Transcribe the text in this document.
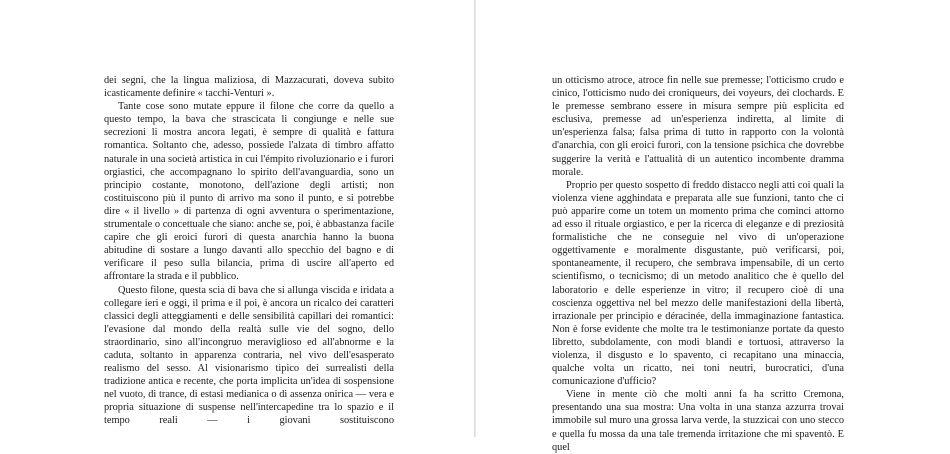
dei segni, che la lingua maliziosa, di Mazzacurati, doveva subito icasticamente definire « tacchi-Venturi ».

Tante cose sono mutate eppure il filone che corre da quello a questo tempo, la bava che strascicata li congiunge e nelle sue secrezioni li mostra ancora legati, è sempre di qualità e fattura romantica. Soltanto che, adesso, possiede l'alzata di timbro affatto naturale in una società artistica in cui l'émpito rivoluzionario e i furori orgiastici, che accompagnano lo spirito dell'avanguardia, sono un principio costante, monotono, dell'azione degli artisti; non costituiscono più il punto di arrivo ma sono il punto, e si potrebbe dire « il livello » di partenza di ogni avventura o sperimentazione, strumentale o concettuale che siano: anche se, poi, è abbastanza facile capire che gli eroici furori di questa anarchia hanno la buona abitudine di sostare a lungo davanti allo specchio del bagno e di verificare il peso sulla bilancia, prima di uscire all'aperto ed affrontare la strada e il pubblico.

Questo filone, questa scia di bava che si allunga viscida e iridata a collegare ieri e oggi, il prima e il poi, è ancora un ricalco dei caratteri classici degli atteggiamenti e delle sensibilità capillari dei romantici: l'evasione dal mondo della realtà sulle vie del sogno, dello straordinario, sino all'incongruo meraviglioso ed all'abnorme e la caduta, soltanto in apparenza contraria, nel vivo dell'esasperato realismo del sesso. Al visionarismo tipico dei surrealisti della tradizione antica e recente, che porta implicita un'idea di sospensione nel vuoto, di trance, di estasi medianica o di assenza onirica — vera e propria situazione di suspense nell'intercapedine tra lo spazio e il tempo reali — i giovani sostituiscono

un otticismo atroce, atroce fin nelle sue premesse; l'otticismo crudo e cinico, l'otticismo nudo dei croniqueurs, dei voyeurs, dei clochards. E le premesse sembrano essere in misura sempre più esplicita ed esclusiva, premesse ad un'esperienza indiretta, al limite di un'esperienza falsa; falsa prima di tutto in rapporto con la volontà d'anarchia, con gli eroici furori, con la tensione psichica che dovrebbe suggerire la verità e l'attualità di un autentico incombente dramma morale.

Proprio per questo sospetto di freddo distacco negli atti coi quali la violenza viene agghindata e preparata alle sue funzioni, tanto che ci può apparire come un totem un momento prima che cominci attorno ad esso il rituale orgiastico, e per la ricerca di eleganze e di preziosità formalistiche che ne conseguie nel vivo di un'operazione oggettivamente e moralmente disgustante, può verificarsi, poi, spontaneamente, il recupero, che sembrava impensabile, di un certo scientifismo, o tecnicismo; di un metodo analitico che è quello del laboratorio e delle esperienze in vitro; il recupero cioè di una coscienza oggettiva nel bel mezzo delle manifestazioni della libertà, irrazionale per principio e déracinée, della immaginazione fantastica. Non è forse evidente che molte tra le testimonianze portate da questo libretto, subdolamente, con modi blandi e tortuosi, attraverso la violenza, il disgusto e lo spavento, ci recapitano una minaccia, qualche volta un ricatto, nei toni neutri, burocratici, d'una comunicazione d'ufficio?

Viene in mente ciò che molti anni fa ha scritto Cremona, presentando una sua mostra: Una volta in una stanza azzurra trovai immobile sul muro una grossa larva verde, la stuzzicai con uno stecco e quella fu mossa da una tale tremenda irritazione che mi spaventò. E quel
